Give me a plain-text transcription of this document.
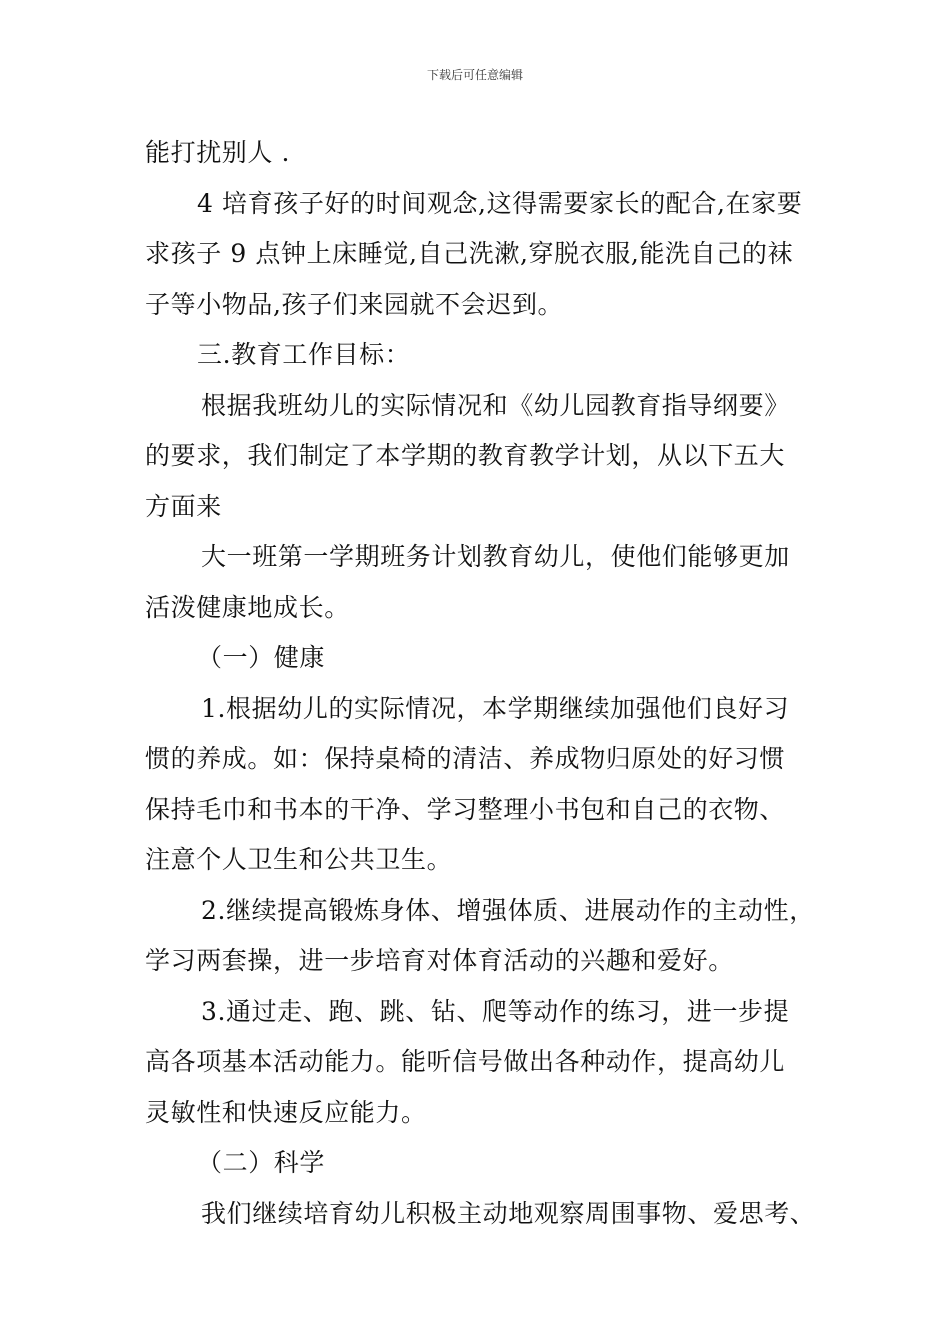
下载后可任意编辑
能打扰别人 .
4 培育孩子好的时间观念,这得需要家长的配合,在家要
求孩子 9 点钟上床睡觉,自己洗漱,穿脱衣服,能洗自己的袜
子等小物品,孩子们来园就不会迟到。
三.教育工作目标：
根据我班幼儿的实际情况和《幼儿园教育指导纲要》
的要求，我们制定了本学期的教育教学计划，从以下五大
方面来
大一班第一学期班务计划教育幼儿，使他们能够更加
活泼健康地成长。
（一）健康
1.根据幼儿的实际情况，本学期继续加强他们良好习
惯的养成。如：保持桌椅的清洁、养成物归原处的好习惯
保持毛巾和书本的干净、学习整理小书包和自己的衣物、
注意个人卫生和公共卫生。
2.继续提高锻炼身体、增强体质、进展动作的主动性，
学习两套操，进一步培育对体育活动的兴趣和爱好。
3.通过走、跑、跳、钻、爬等动作的练习，进一步提
高各项基本活动能力。能听信号做出各种动作，提高幼儿
灵敏性和快速反应能力。
（二）科学
我们继续培育幼儿积极主动地观察周围事物、爱思考、
